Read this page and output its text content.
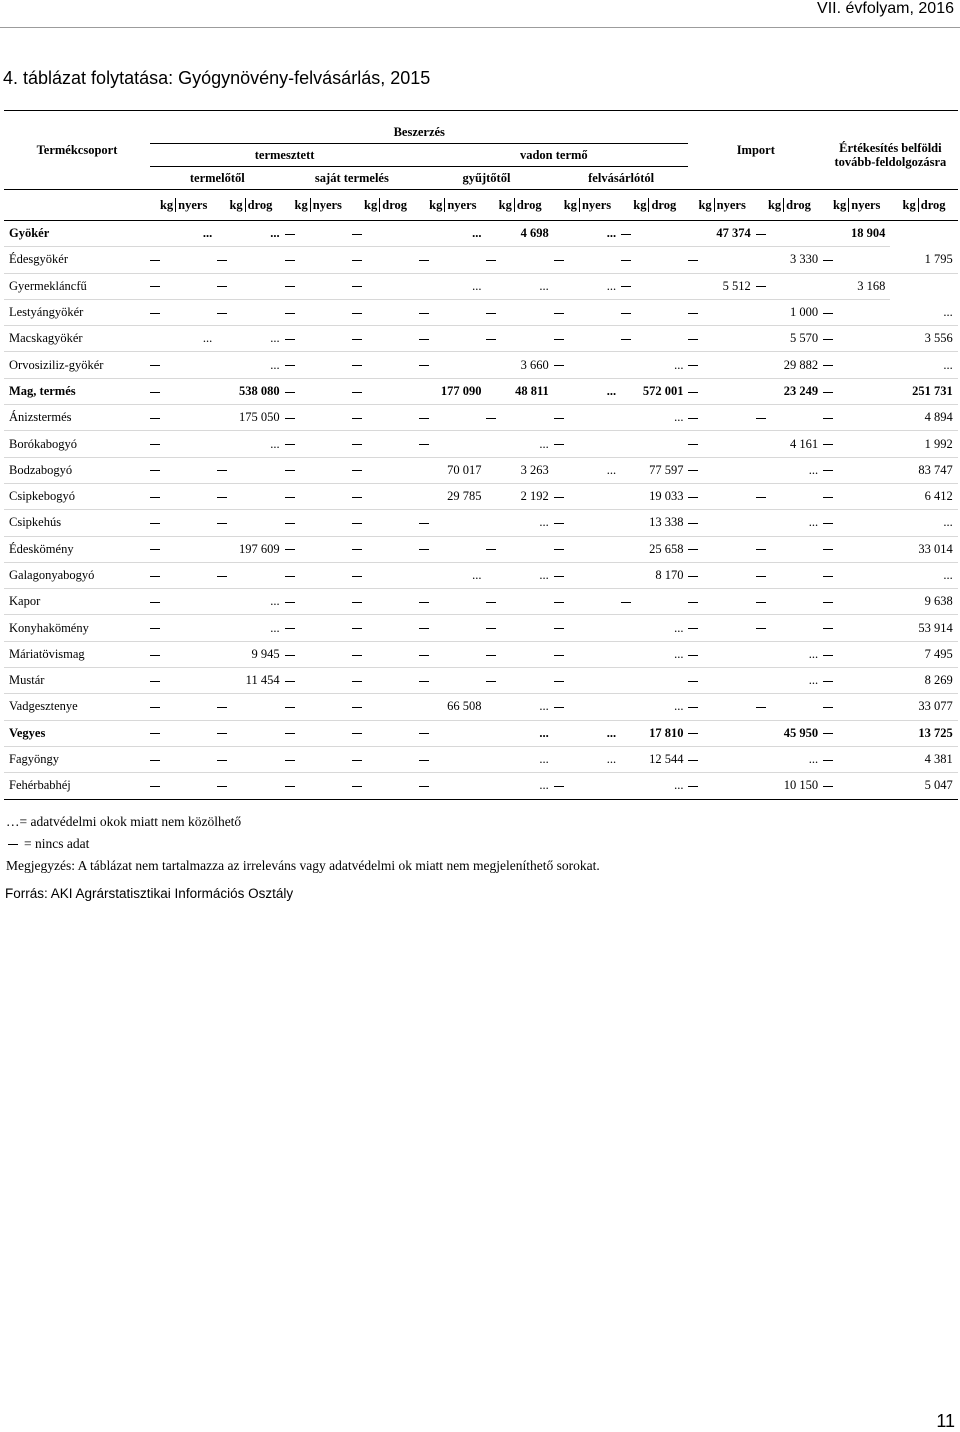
VII. évfolyam, 2016
4. táblázat folytatása: Gyógynövény-felvásárlás, 2015
Termékcsoport	Beszerzés								Import		Értékesítés belföldi tovább-feldolgozásra	
	termesztett				vadon termő							
	termelőtől		saját termelés		gyűjtőtől		felvásárlótól					
	kg nyers	kg drog	kg nyers	kg drog	kg nyers	kg drog	kg nyers	kg drog	kg nyers	kg drog	kg nyers	kg drog
Gyökér	...	...			...	4 698	...		47 374		18 904	
Édesgyökér										3 330		1 795
Gyermekláncfű					...	...	...		5 512		3 168	
Lestyángyökér										1 000		...
Macskagyökér	...	...								5 570		3 556
Orvosiziliz-gyökér		...				3 660		...		29 882		...
Mag, termés		538 080			177 090	48 811	...	572 001		23 249		251 731
Ánizstermés		175 050						...				4 894
Borókabogyó		...				...				4 161		1 992
Bodzabogyó					70 017	3 263	...	77 597		...		83 747
Csipkebogyó					29 785	2 192		19 033				6 412
Csipkehús						...		13 338		...		...
Édeskömény		197 609						25 658				33 014
Galagonyabogyó					...	...		8 170				...
Kapor		...										9 638
Konyhakömény		...						...				53 914
Máriatövismag		9 945						...		...		7 495
Mustár		11 454								...		8 269
Vadgesztenye					66 508	...		...				33 077
Vegyes						...	...	17 810		45 950		13 725
Fagyöngy						...	...	12 544		...		4 381
Fehérbabhéj						...		...		10 150		5 047
…= adatvédelmi okok miatt nem közölhető
= nincs adat
Megjegyzés: A táblázat nem tartalmazza az irreleváns vagy adatvédelmi ok miatt nem megjeleníthető sorokat.
Forrás: AKI Agrárstatisztikai Információs Osztály
11
